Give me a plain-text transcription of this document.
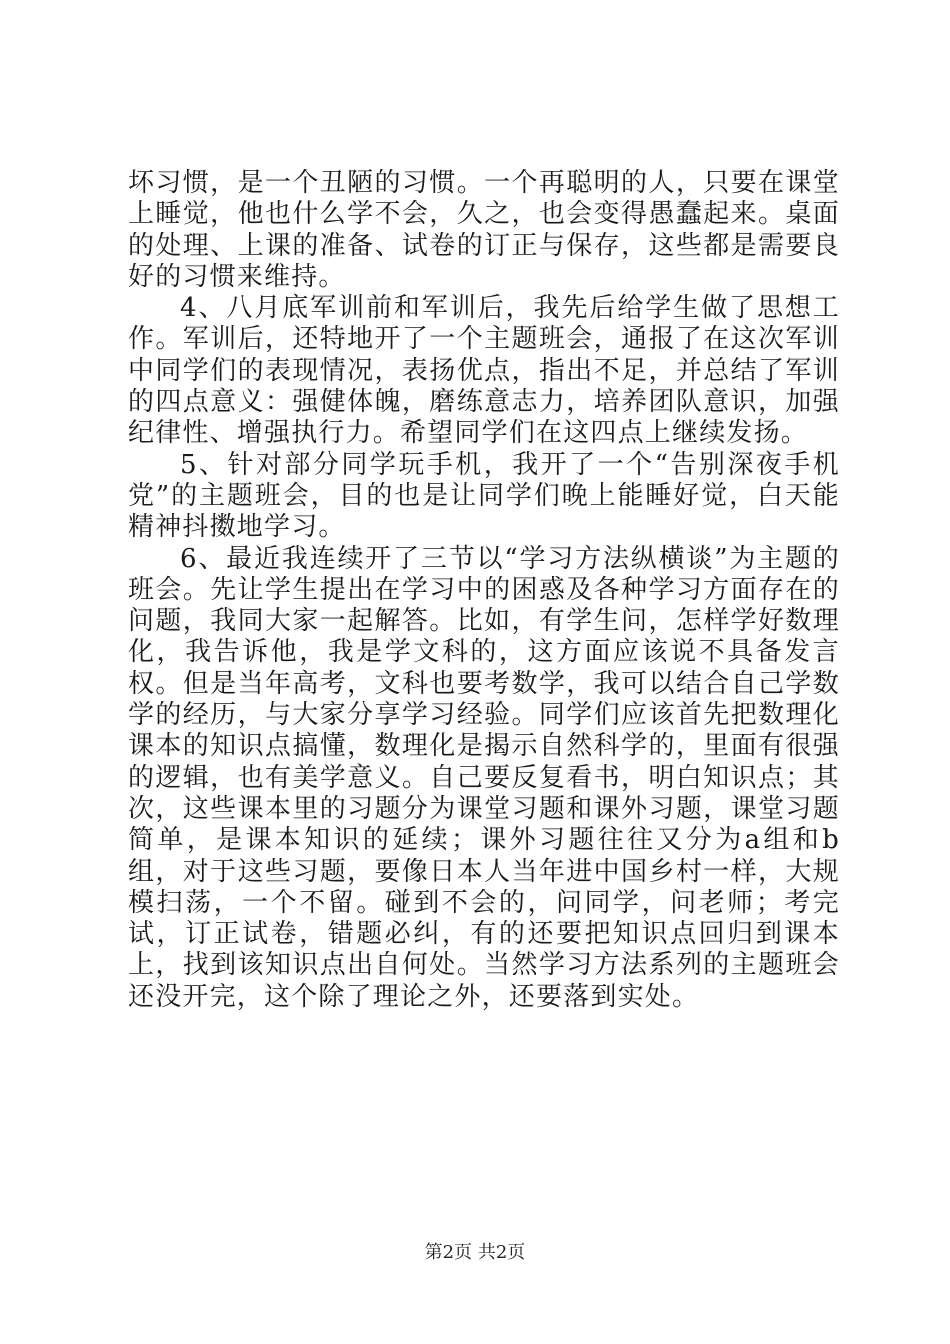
坏习惯，是一个丑陋的习惯。一个再聪明的人，只要在课堂上睡觉，他也什么学不会，久之，也会变得愚蠢起来。桌面的处理、上课的准备、试卷的订正与保存，这些都是需要良好的习惯来维持。

4、八月底军训前和军训后，我先后给学生做了思想工作。军训后，还特地开了一个主题班会，通报了在这次军训中同学们的表现情况，表扬优点，指出不足，并总结了军训的四点意义：强健体魄，磨练意志力，培养团队意识，加强纪律性、增强执行力。希望同学们在这四点上继续发扬。

5、针对部分同学玩手机，我开了一个“告别深夜手机党”的主题班会，目的也是让同学们晚上能睡好觉，白天能精神抖擞地学习。

6、最近我连续开了三节以“学习方法纵横谈”为主题的班会。先让学生提出在学习中的困惑及各种学习方面存在的问题，我同大家一起解答。比如，有学生问，怎样学好数理化，我告诉他，我是学文科的，这方面应该说不具备发言权。但是当年高考，文科也要考数学，我可以结合自己学数学的经历，与大家分享学习经验。同学们应该首先把数理化课本的知识点搞懂，数理化是揭示自然科学的，里面有很强的逻辑，也有美学意义。自己要反复看书，明白知识点；其次，这些课本里的习题分为课堂习题和课外习题，课堂习题简单，是课本知识的延续；课外习题往往又分为a组和b组，对于这些习题，要像日本人当年进中国乡村一样，大规模扫荡，一个不留。碰到不会的，问同学，问老师；考完试，订正试卷，错题必纠，有的还要把知识点回归到课本上，找到该知识点出自何处。当然学习方法系列的主题班会还没开完，这个除了理论之外，还要落到实处。

第2页 共2页
